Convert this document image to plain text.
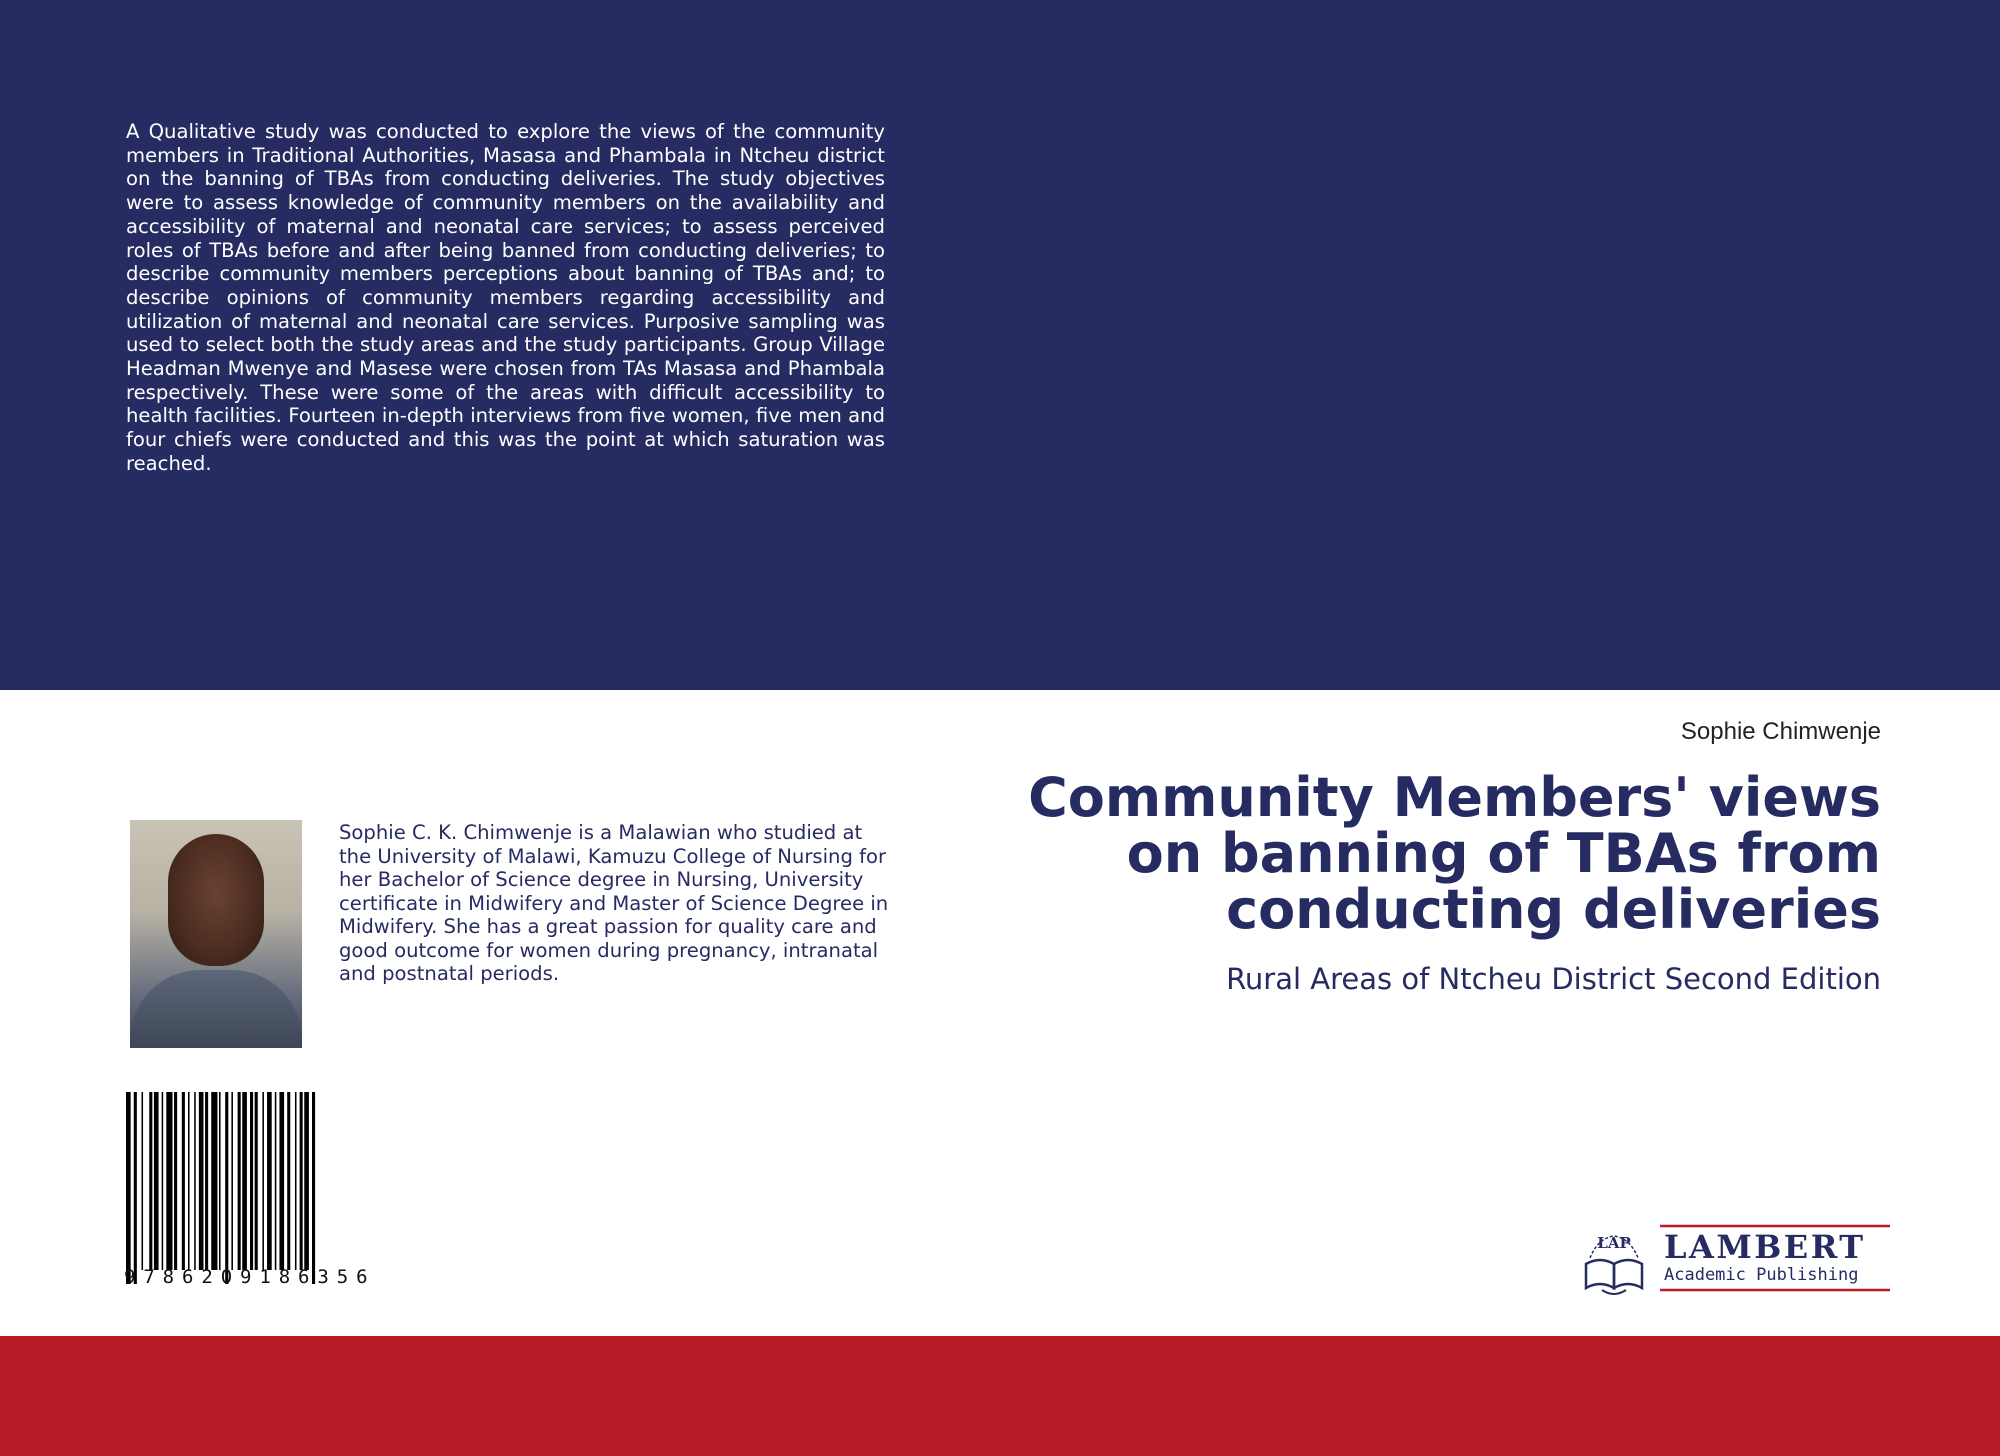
A Qualitative study was conducted to explore the views of the community members in Traditional Authorities, Masasa and Phambala in Ntcheu district on the banning of TBAs from conducting deliveries. The study objectives were to assess knowledge of community members on the availability and accessibility of maternal and neonatal care services; to assess perceived roles of TBAs before and after being banned from conducting deliveries; to describe community members perceptions about banning of TBAs and; to describe opinions of community members regarding accessibility and utilization of maternal and neonatal care services. Purposive sampling was used to select both the study areas and the study participants. Group Village Headman Mwenye and Masese were chosen from TAs Masasa and Phambala respectively. These were some of the areas with difficult accessibility to health facilities. Fourteen in-depth interviews from five women, five men and four chiefs were conducted and this was the point at which saturation was reached.

Sophie Chimwenje
Community Members' views on banning of TBAs from conducting deliveries
Rural Areas of Ntcheu District Second Edition
Sophie C. K. Chimwenje is a Malawian who studied at the University of Malawi, Kamuzu College of Nursing for her Bachelor of Science degree in Nursing, University certificate in Midwifery and Master of Science Degree in Midwifery. She has a great passion for quality care and good outcome for women during pregnancy, intranatal and postnatal periods.
9786209186356
LAP LAMBERT
Academic Publishing
